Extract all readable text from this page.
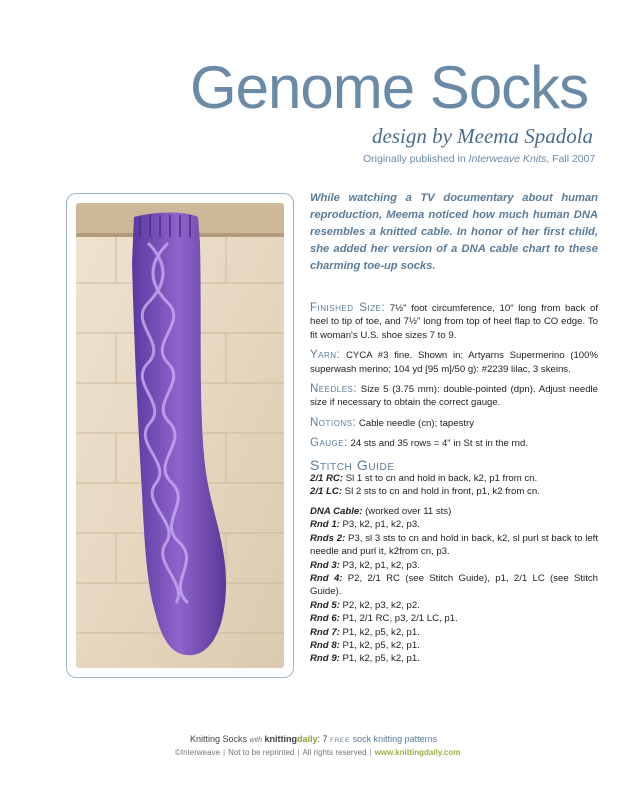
Genome Socks
design by Meema Spadola
Originally published in Interweave Knits, Fall 2007
While watching a TV documentary about human reproduction, Meema noticed how much human DNA resembles a knitted cable. In honor of her first child, she added her version of a DNA cable chart to these charming toe-up socks.

Finished Size: 7½" foot circumference, 10" long from back of heel to tip of toe, and 7½" long from top of heel flap to CO edge. To fit woman's U.S. shoe sizes 7 to 9.

Yarn: CYCA #3 fine. Shown in: Artyarns Supermerino (100% superwash merino; 104 yd [95 m]/50 g): #2239 lilac, 3 skeins.

Needles: Size 5 (3.75 mm): double-pointed (dpn). Adjust needle size if necessary to obtain the correct gauge.

Notions: Cable needle (cn); tapestry

Gauge: 24 sts and 35 rows = 4" in St st in the rnd.

Stitch Guide

2/1 RC: Sl 1 st to cn and hold in back, k2, p1 from cn.

2/1 LC: Sl 2 sts to cn and hold in front, p1, k2 from cn.

DNA Cable: (worked over 11 sts)

Rnd 1: P3, k2, p1, k2, p3.

Rnds 2: P3, sl 3 sts to cn and hold in back, k2, sl purl st back to left needle and purl it, k2from cn, p3.

Rnd 3: P3, k2, p1, k2, p3.

Rnd 4: P2, 2/1 RC (see Stitch Guide), p1, 2/1 LC (see Stitch Guide).

Rnd 5: P2, k2, p3, k2, p2.

Rnd 6: P1, 2/1 RC, p3, 2/1 LC, p1.

Rnd 7: P1, k2, p5, k2, p1.

Rnd 8: P1, k2, p5, k2, p1.

Rnd 9: P1, k2, p5, k2, p1.

Knitting Socks with knittingdaily: 7 free sock knitting patterns
©Interweave | Not to be reprinted | All rights reserved | www.knittingdaily.com
